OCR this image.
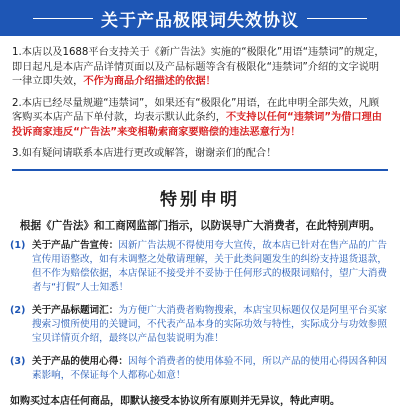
关于产品极限词失效协议

1.本店以及1688平台支持关于《新广告法》实施的“极限化”用语“违禁词”的规定，即日起凡是本店产品详情页面以及产品标题等含有极限化“违禁词”介绍的文字说明一律立即失效，不作为商品介绍描述的依据！

2.本店已经尽量规避“违禁词”，如果还有“极限化”用语，在此申明全部失效，凡顾客购买本店产品下单付款，均表示默认此条约，不支持以任何“违禁词”为借口理由投诉商家违反“广告法”来变相勒索商家要赔偿的违法恶意行为！

3.如有疑问请联系本店进行更改或解答，谢谢亲们的配合！

特别申明
根据《广告法》和工商网监部门指示，以防误导广大消费者，在此特别声明。
(1) 关于产品广告宣传：因新广告法规不得使用夸大宣传，故本店已针对在售产品的广告宣传用语整改，如有未调整之处敬请理解，关于此类问题发生的纠纷支持退货退款，但不作为赔偿依据，本店保证不接受并不妥协于任何形式的极限词赔付，望广大消费者与“打假”人士知悉！
(2) 关于产品标题词汇：为方便广大消费者购物搜索，本店宝贝标题仅仅是阿里平台买家搜索习惯所使用的关键词，不代表产品本身的实际功效与特性，实际成分与功效参照宝贝详情页介绍，最终以产品包装说明为准！
(3) 关于产品的使用心得：因每个消费者的使用体验不同，所以产品的使用心得因各种因素影响，不保证每个人都称心如意！
如购买过本店任何商品，即默认接受本协议所有原则并无异议，特此声明。
